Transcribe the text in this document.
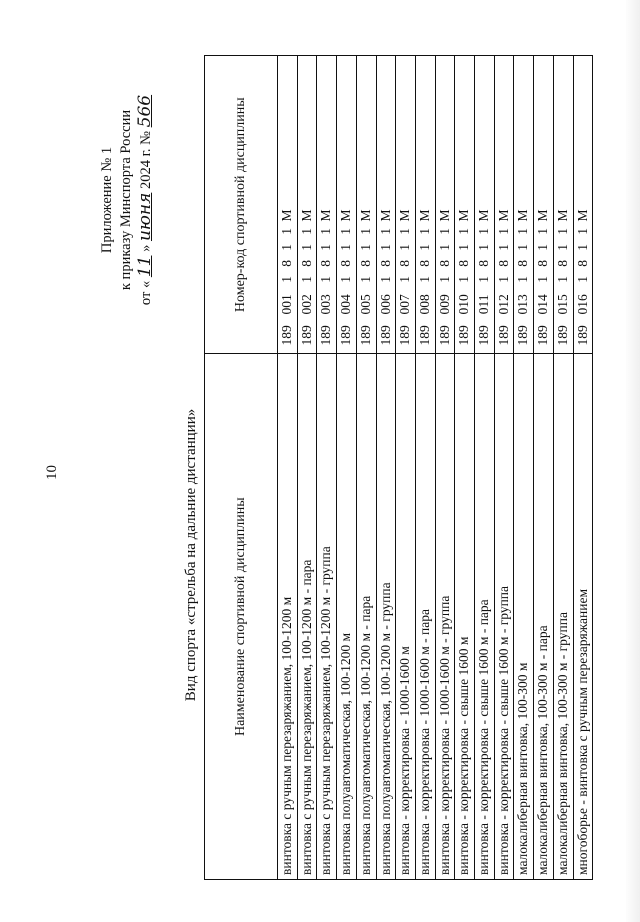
10
Приложение № 1 к приказу Минспорта России
от « 11 » июня 2024 г. № 566
Вид спорта «стрельба на дальние дистанции» Наименование спортивной дисциплины	Номер-код спортивной дисциплины
винтовка с ручным перезаряжанием, 100-1200 м	1890011811М
винтовка с ручным перезаряжанием, 100-1200 м - пара	1890021811М
винтовка с ручным перезаряжанием, 100-1200 м - группа	1890031811М
винтовка полуавтоматическая, 100-1200 м	1890041811М
винтовка полуавтоматическая, 100-1200 м - пара	1890051811М
винтовка полуавтоматическая, 100-1200 м - группа	1890061811М
винтовка - корректировка - 1000-1600 м	1890071811М
винтовка - корректировка - 1000-1600 м - пара	1890081811М
винтовка - корректировка - 1000-1600 м - группа	1890091811М
винтовка - корректировка - свыше 1600 м	1890101811М
винтовка - корректировка - свыше 1600 м - пара	1890111811М
винтовка - корректировка - свыше 1600 м - группа	1890121811М
малокалиберная винтовка, 100-300 м	1890131811М
малокалиберная винтовка, 100-300 м - пара	1890141811М
малокалиберная винтовка, 100-300 м - группа	1890151811М
многоборье - винтовка с ручным перезаряжанием	1890161811М
